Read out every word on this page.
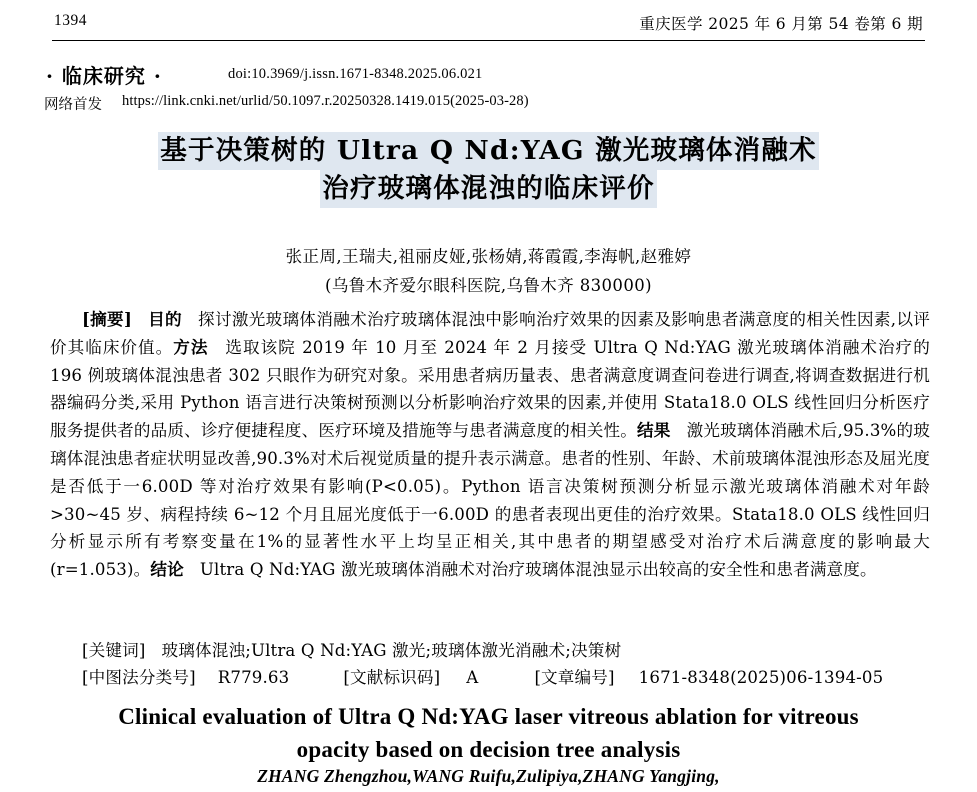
1394	重庆医学 2025 年 6 月第 54 卷第 6 期
· 临床研究 ·	doi:10.3969/j.issn.1671-8348.2025.06.021
网络首发 https://link.cnki.net/urlid/50.1097.r.20250328.1419.015(2025-03-28)
基于决策树的 Ultra Q Nd:YAG 激光玻璃体消融术
治疗玻璃体混浊的临床评价
张正周,王瑞夫,祖丽皮娅,张杨婧,蒋霞霞,李海帆,赵雅婷
(乌鲁木齐爱尔眼科医院,乌鲁木齐 830000)
[摘要] 目的 探讨激光玻璃体消融术治疗玻璃体混浊中影响治疗效果的因素及影响患者满意度的相关性因素,以评价其临床价值。方法 选取该院 2019 年 10 月至 2024 年 2 月接受 Ultra Q Nd:YAG 激光玻璃体消融术治疗的 196 例玻璃体混浊患者 302 只眼作为研究对象。采用患者病历量表、患者满意度调查问卷进行调查,将调查数据进行机器编码分类,采用 Python 语言进行决策树预测以分析影响治疗效果的因素,并使用 Stata18.0 OLS 线性回归分析医疗服务提供者的品质、诊疗便捷程度、医疗环境及措施等与患者满意度的相关性。结果 激光玻璃体消融术后,95.3%的玻璃体混浊患者症状明显改善,90.3%对术后视觉质量的提升表示满意。患者的性别、年龄、术前玻璃体混浊形态及屈光度是否低于一6.00D 等对治疗效果有影响(P<0.05)。Python 语言决策树预测分析显示激光玻璃体消融术对年龄>30~45 岁、病程持续 6~12 个月且屈光度低于一6.00D 的患者表现出更佳的治疗效果。Stata18.0 OLS 线性回归分析显示所有考察变量在1%的显著性水平上均呈正相关,其中患者的期望感受对治疗术后满意度的影响最大(r=1.053)。结论 Ultra Q Nd:YAG 激光玻璃体消融术对治疗玻璃体混浊显示出较高的安全性和患者满意度。
[关键词] 玻璃体混浊;Ultra Q Nd:YAG 激光;玻璃体激光消融术;决策树
[中图法分类号] R779.63	[文献标识码] A	[文章编号] 1671-8348(2025)06-1394-05
Clinical evaluation of Ultra Q Nd:YAG laser vitreous ablation for vitreous
opacity based on decision tree analysis
ZHANG Zhengzhou,WANG Ruifu,Zulipiya,ZHANG Yangjing,
